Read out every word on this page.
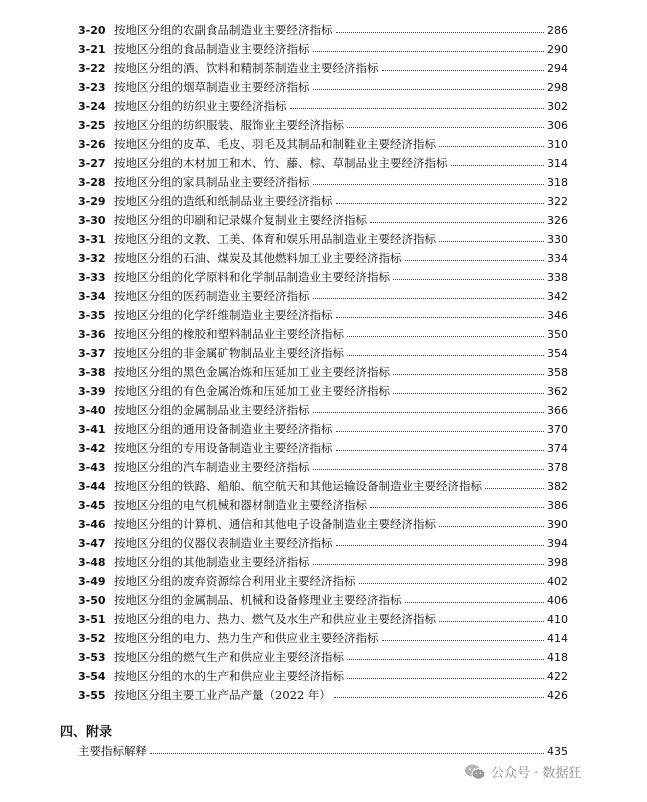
3-20 按地区分组的农副食品制造业主要经济指标	286
3-21 按地区分组的食品制造业主要经济指标	290
3-22 按地区分组的酒、饮料和精制茶制造业主要经济指标	294
3-23 按地区分组的烟草制造业主要经济指标	298
3-24 按地区分组的纺织业主要经济指标	302
3-25 按地区分组的纺织服装、服饰业主要经济指标	306
3-26 按地区分组的皮革、毛皮、羽毛及其制品和制鞋业主要经济指标	310
3-27 按地区分组的木材加工和木、竹、藤、棕、草制品业主要经济指标	314
3-28 按地区分组的家具制品业主要经济指标	318
3-29 按地区分组的造纸和纸制品业主要经济指标	322
3-30 按地区分组的印刷和记录媒介复制业主要经济指标	326
3-31 按地区分组的文教、工美、体育和娱乐用品制造业主要经济指标	330
3-32 按地区分组的石油、煤炭及其他燃料加工业主要经济指标	334
3-33 按地区分组的化学原料和化学制品制造业主要经济指标	338
3-34 按地区分组的医药制造业主要经济指标	342
3-35 按地区分组的化学纤维制造业主要经济指标	346
3-36 按地区分组的橡胶和塑料制品业主要经济指标	350
3-37 按地区分组的非金属矿物制品业主要经济指标	354
3-38 按地区分组的黑色金属冶炼和压延加工业主要经济指标	358
3-39 按地区分组的有色金属冶炼和压延加工业主要经济指标	362
3-40 按地区分组的金属制品业主要经济指标	366
3-41 按地区分组的通用设备制造业主要经济指标	370
3-42 按地区分组的专用设备制造业主要经济指标	374
3-43 按地区分组的汽车制造业主要经济指标	378
3-44 按地区分组的铁路、船舶、航空航天和其他运输设备制造业主要经济指标	382
3-45 按地区分组的电气机械和器材制造业主要经济指标	386
3-46 按地区分组的计算机、通信和其他电子设备制造业主要经济指标	390
3-47 按地区分组的仪器仪表制造业主要经济指标	394
3-48 按地区分组的其他制造业主要经济指标	398
3-49 按地区分组的废弃资源综合利用业主要经济指标	402
3-50 按地区分组的金属制品、机械和设备修理业主要经济指标	406
3-51 按地区分组的电力、热力、燃气及水生产和供应业主要经济指标	410
3-52 按地区分组的电力、热力生产和供应业主要经济指标	414
3-53 按地区分组的燃气生产和供应业主要经济指标	418
3-54 按地区分组的水的生产和供应业主要经济指标	422
3-55 按地区分组主要工业产品产量（2022 年）	426
四、附录
主要指标解释	435
公众号 · 数据狂
